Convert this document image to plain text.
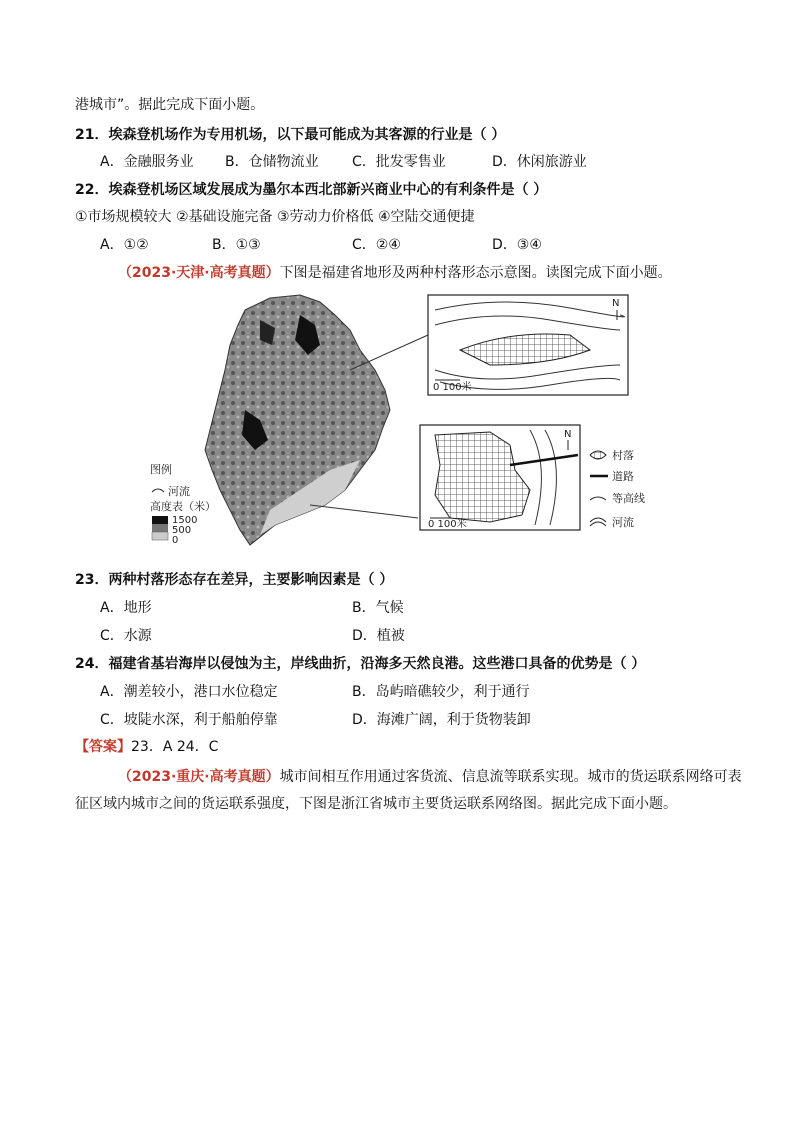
港城市”。据此完成下面小题。
21．埃森登机场作为专用机场，以下最可能成为其客源的行业是（ ）
A．金融服务业 B．仓储物流业 C．批发零售业	D．休闲旅游业
22．埃森登机场区域发展成为墨尔本西北部新兴商业中心的有利条件是（ ）
①市场规模较大 ②基础设施完备 ③劳动力价格低 ④空陆交通便捷
A．①②	B．①③	C．②④	D．③④
（2023·天津·高考真题）下图是福建省地形及两种村落形态示意图。读图完成下面小题。
图例
河流
高度表（米）
1500
500
0
0 100米
N
0 100米
N
村落
道路
等高线
河流
23．两种村落形态存在差异，主要影响因素是（ ）
A．地形	B．气候
C．水源	D．植被
24．福建省基岩海岸以侵蚀为主，岸线曲折，沿海多天然良港。这些港口具备的优势是（ ）
A．潮差较小，港口水位稳定	B．岛屿暗礁较少，利于通行
C．坡陡水深，利于船舶停靠	D．海滩广阔，利于货物装卸
【答案】23．A 24．C
（2023·重庆·高考真题）城市间相互作用通过客货流、信息流等联系实现。城市的货运联系网络可表
征区域内城市之间的货运联系强度，下图是浙江省城市主要货运联系网络图。据此完成下面小题。
